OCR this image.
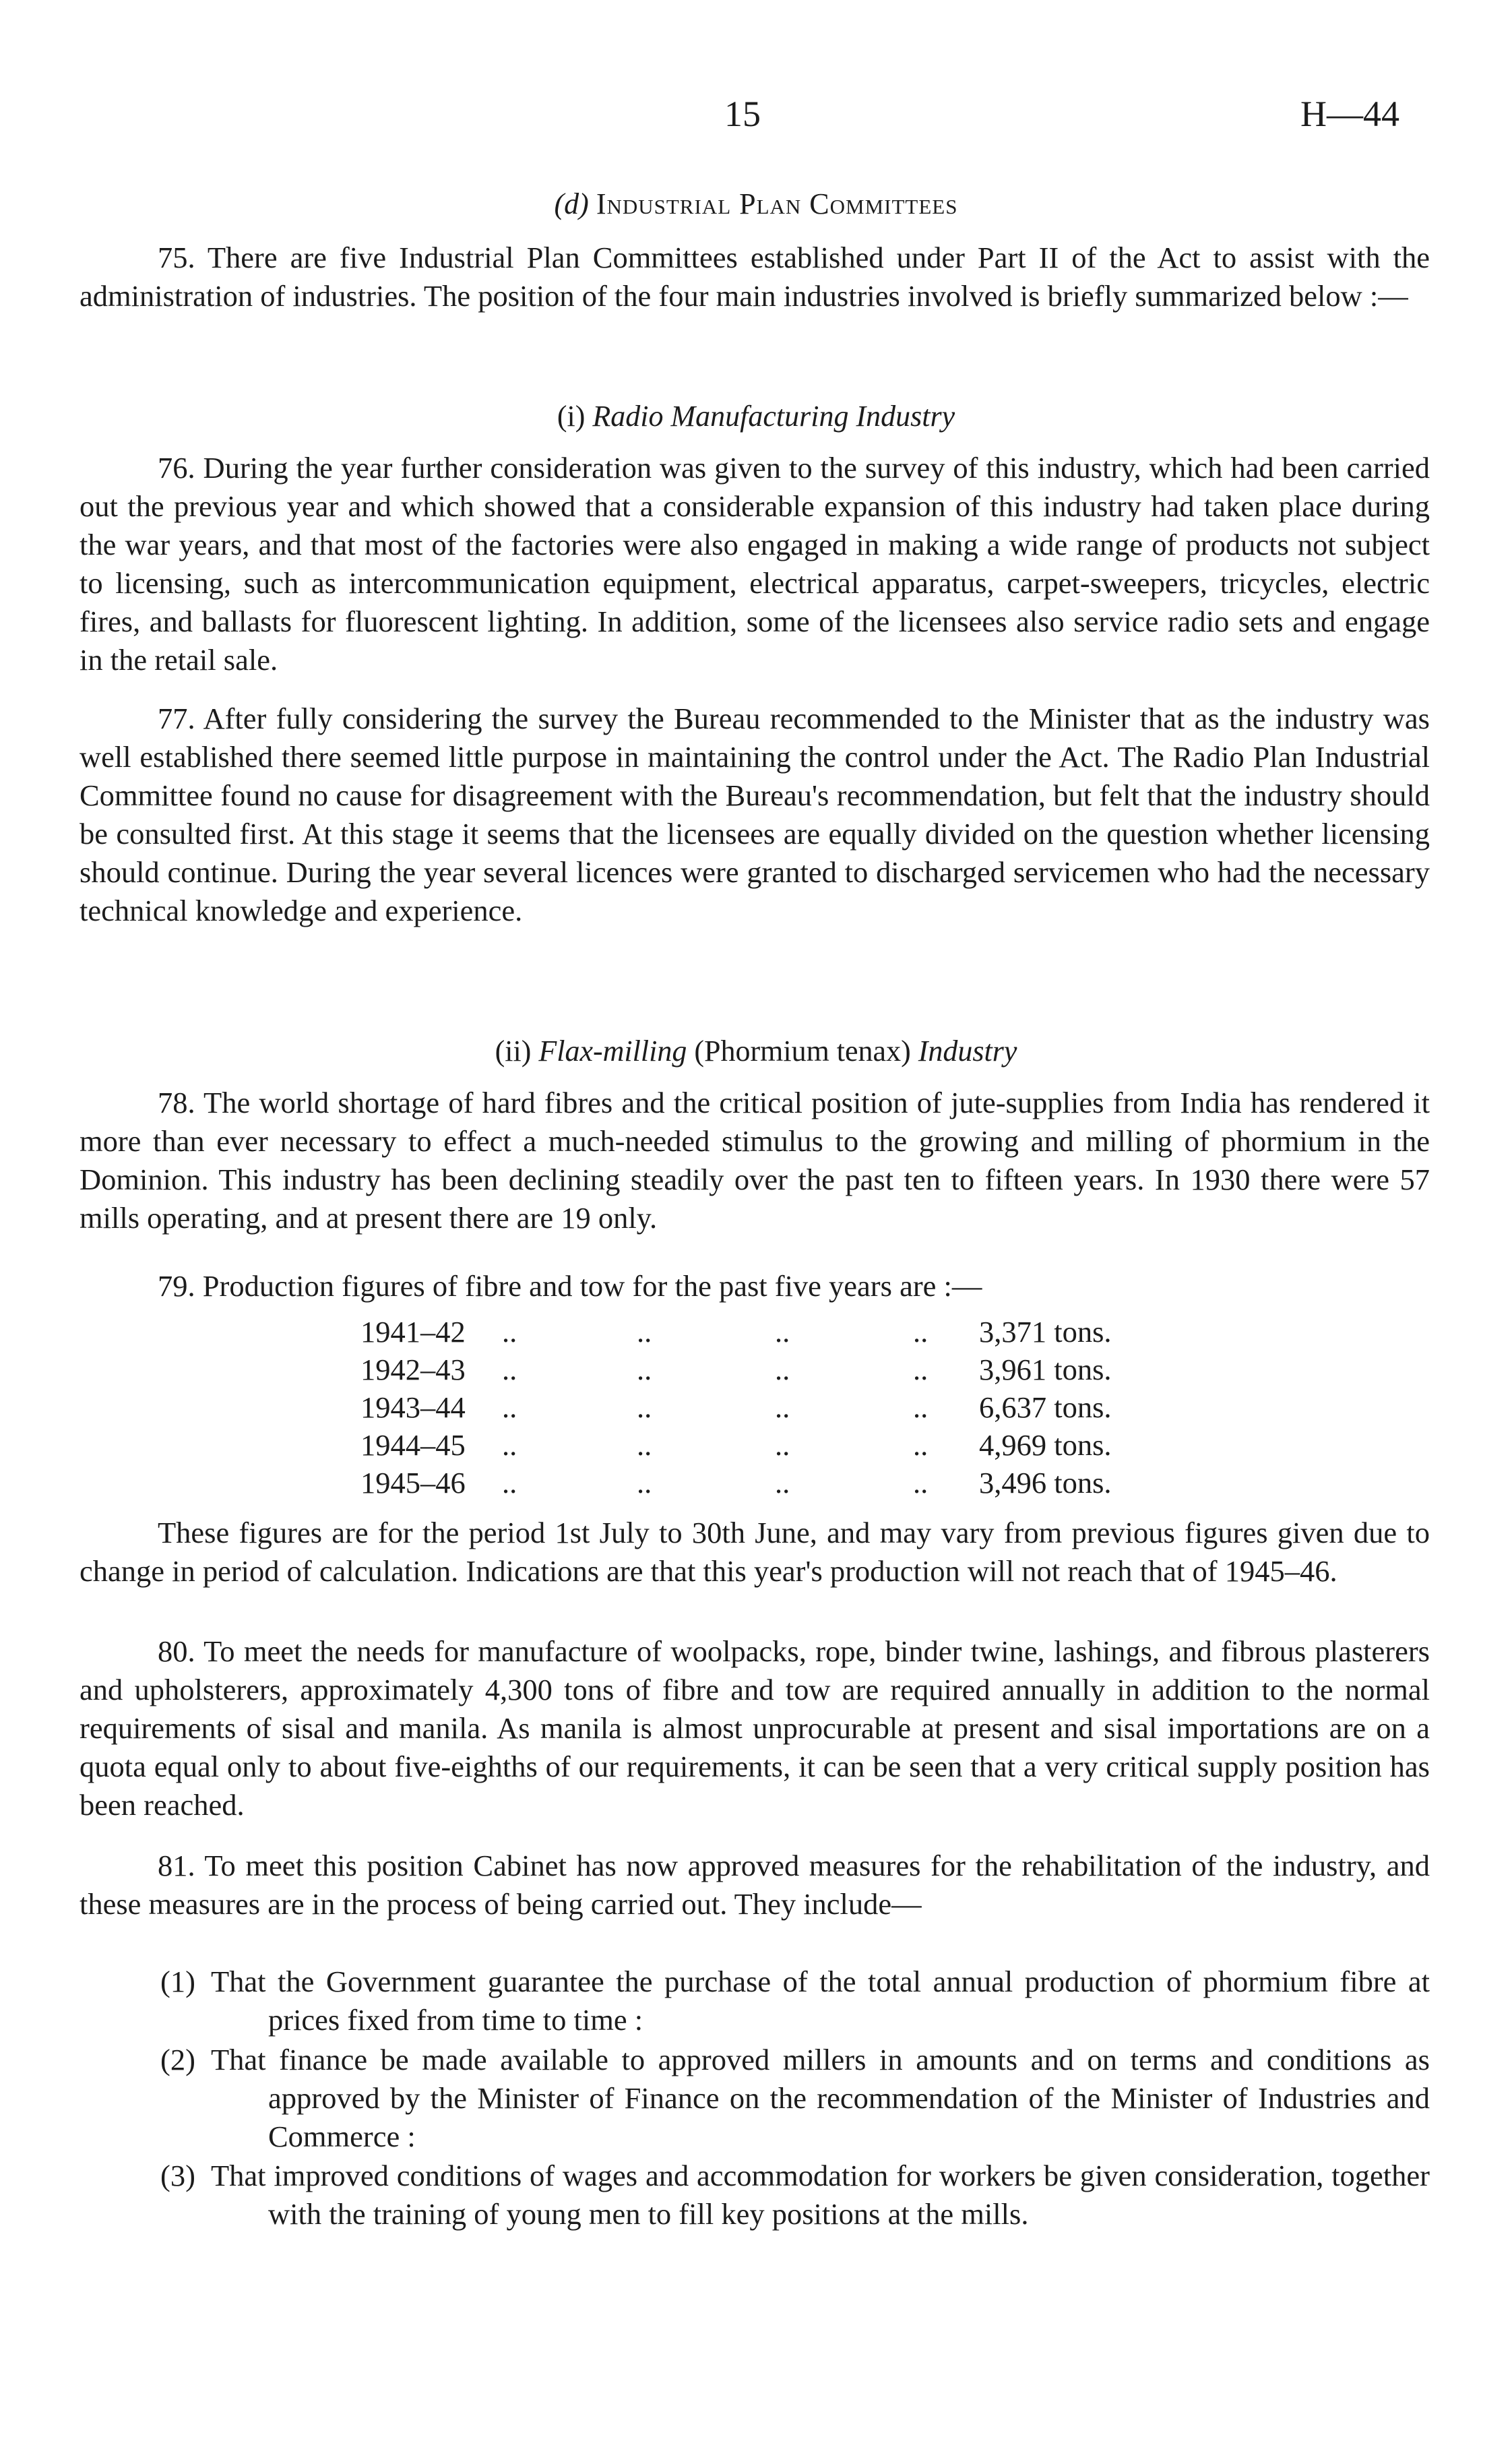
15	H—44
(d) Industrial Plan Committees

75. There are five Industrial Plan Committees established under Part II of the Act to assist with the administration of industries. The position of the four main industries involved is briefly summarized below :—

(i) Radio Manufacturing Industry

76. During the year further consideration was given to the survey of this industry, which had been carried out the previous year and which showed that a considerable expansion of this industry had taken place during the war years, and that most of the factories were also engaged in making a wide range of products not subject to licensing, such as intercommunication equipment, electrical apparatus, carpet-sweepers, tricycles, electric fires, and ballasts for fluorescent lighting. In addition, some of the licensees also service radio sets and engage in the retail sale.

77. After fully considering the survey the Bureau recommended to the Minister that as the industry was well established there seemed little purpose in maintaining the control under the Act. The Radio Plan Industrial Committee found no cause for disagreement with the Bureau's recommendation, but felt that the industry should be consulted first. At this stage it seems that the licensees are equally divided on the question whether licensing should continue. During the year several licences were granted to discharged servicemen who had the necessary technical knowledge and experience.

(ii) Flax-milling (Phormium tenax) Industry

78. The world shortage of hard fibres and the critical position of jute-supplies from India has rendered it more than ever necessary to effect a much-needed stimulus to the growing and milling of phormium in the Dominion. This industry has been declining steadily over the past ten to fifteen years. In 1930 there were 57 mills operating, and at present there are 19 only.

79. Production figures of fibre and tow for the past five years are :—

1941–42 ..	..	..	.. 3,371 tons.
1942–43 ..	..	..	.. 3,961 tons.
1943–44 ..	..	..	.. 6,637 tons.
1944–45 ..	..	..	.. 4,969 tons.
1945–46 ..	..	..	.. 3,496 tons.

These figures are for the period 1st July to 30th June, and may vary from previous figures given due to change in period of calculation. Indications are that this year's production will not reach that of 1945–46.

80. To meet the needs for manufacture of woolpacks, rope, binder twine, lashings, and fibrous plasterers and upholsterers, approximately 4,300 tons of fibre and tow are required annually in addition to the normal requirements of sisal and manila. As manila is almost unprocurable at present and sisal importations are on a quota equal only to about five-eighths of our requirements, it can be seen that a very critical supply position has been reached.

81. To meet this position Cabinet has now approved measures for the rehabilitation of the industry, and these measures are in the process of being carried out. They include—

(1) That the Government guarantee the purchase of the total annual production of phormium fibre at prices fixed from time to time :
(2) That finance be made available to approved millers in amounts and on terms and conditions as approved by the Minister of Finance on the recommendation of the Minister of Industries and Commerce :
(3) That improved conditions of wages and accommodation for workers be given consideration, together with the training of young men to fill key positions at the mills.
